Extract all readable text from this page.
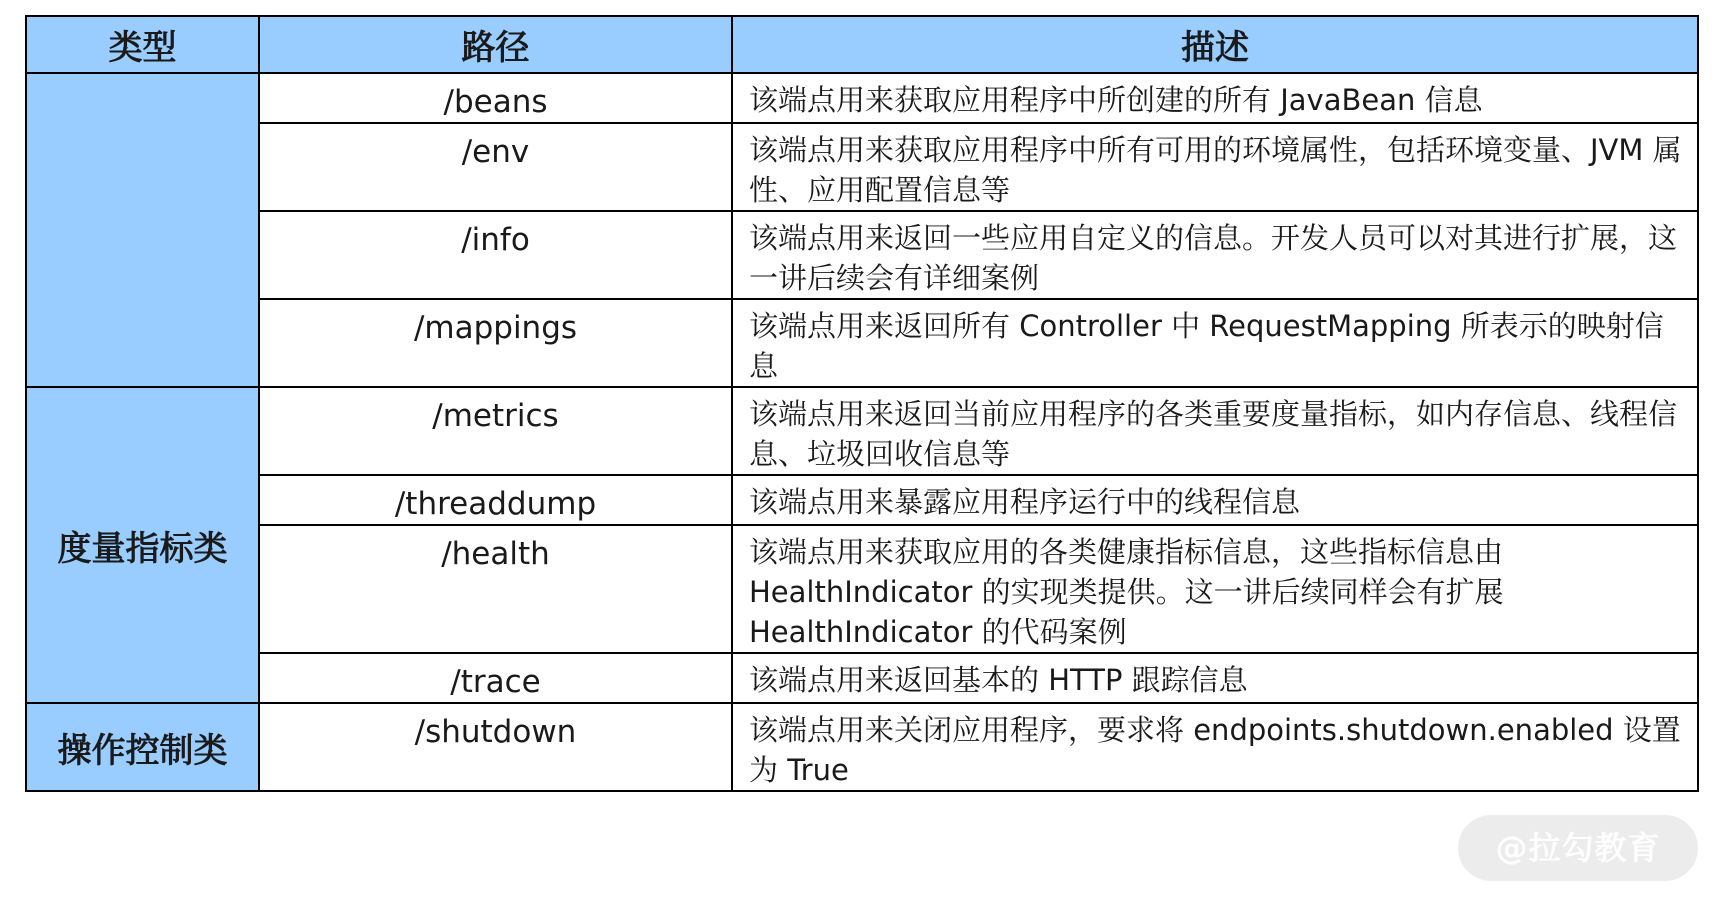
类型	路径	描述
	/beans	该端点用来获取应用程序中所创建的所有 JavaBean 信息
	/env	该端点用来获取应用程序中所有可用的环境属性，包括环境变量、JVM 属性、应用配置信息等
	/info	该端点用来返回一些应用自定义的信息。开发人员可以对其进行扩展，这一讲后续会有详细案例
	/mappings	该端点用来返回所有 Controller 中 RequestMapping 所表示的映射信息
度量指标类	/metrics	该端点用来返回当前应用程序的各类重要度量指标，如内存信息、线程信息、垃圾回收信息等
	/threaddump	该端点用来暴露应用程序运行中的线程信息
	/health	该端点用来获取应用的各类健康指标信息，这些指标信息由 HealthIndicator 的实现类提供。这一讲后续同样会有扩展 HealthIndicator 的代码案例
	/trace	该端点用来返回基本的 HTTP 跟踪信息
操作控制类	/shutdown	该端点用来关闭应用程序，要求将 endpoints.shutdown.enabled 设置为 True
@拉勾教育
